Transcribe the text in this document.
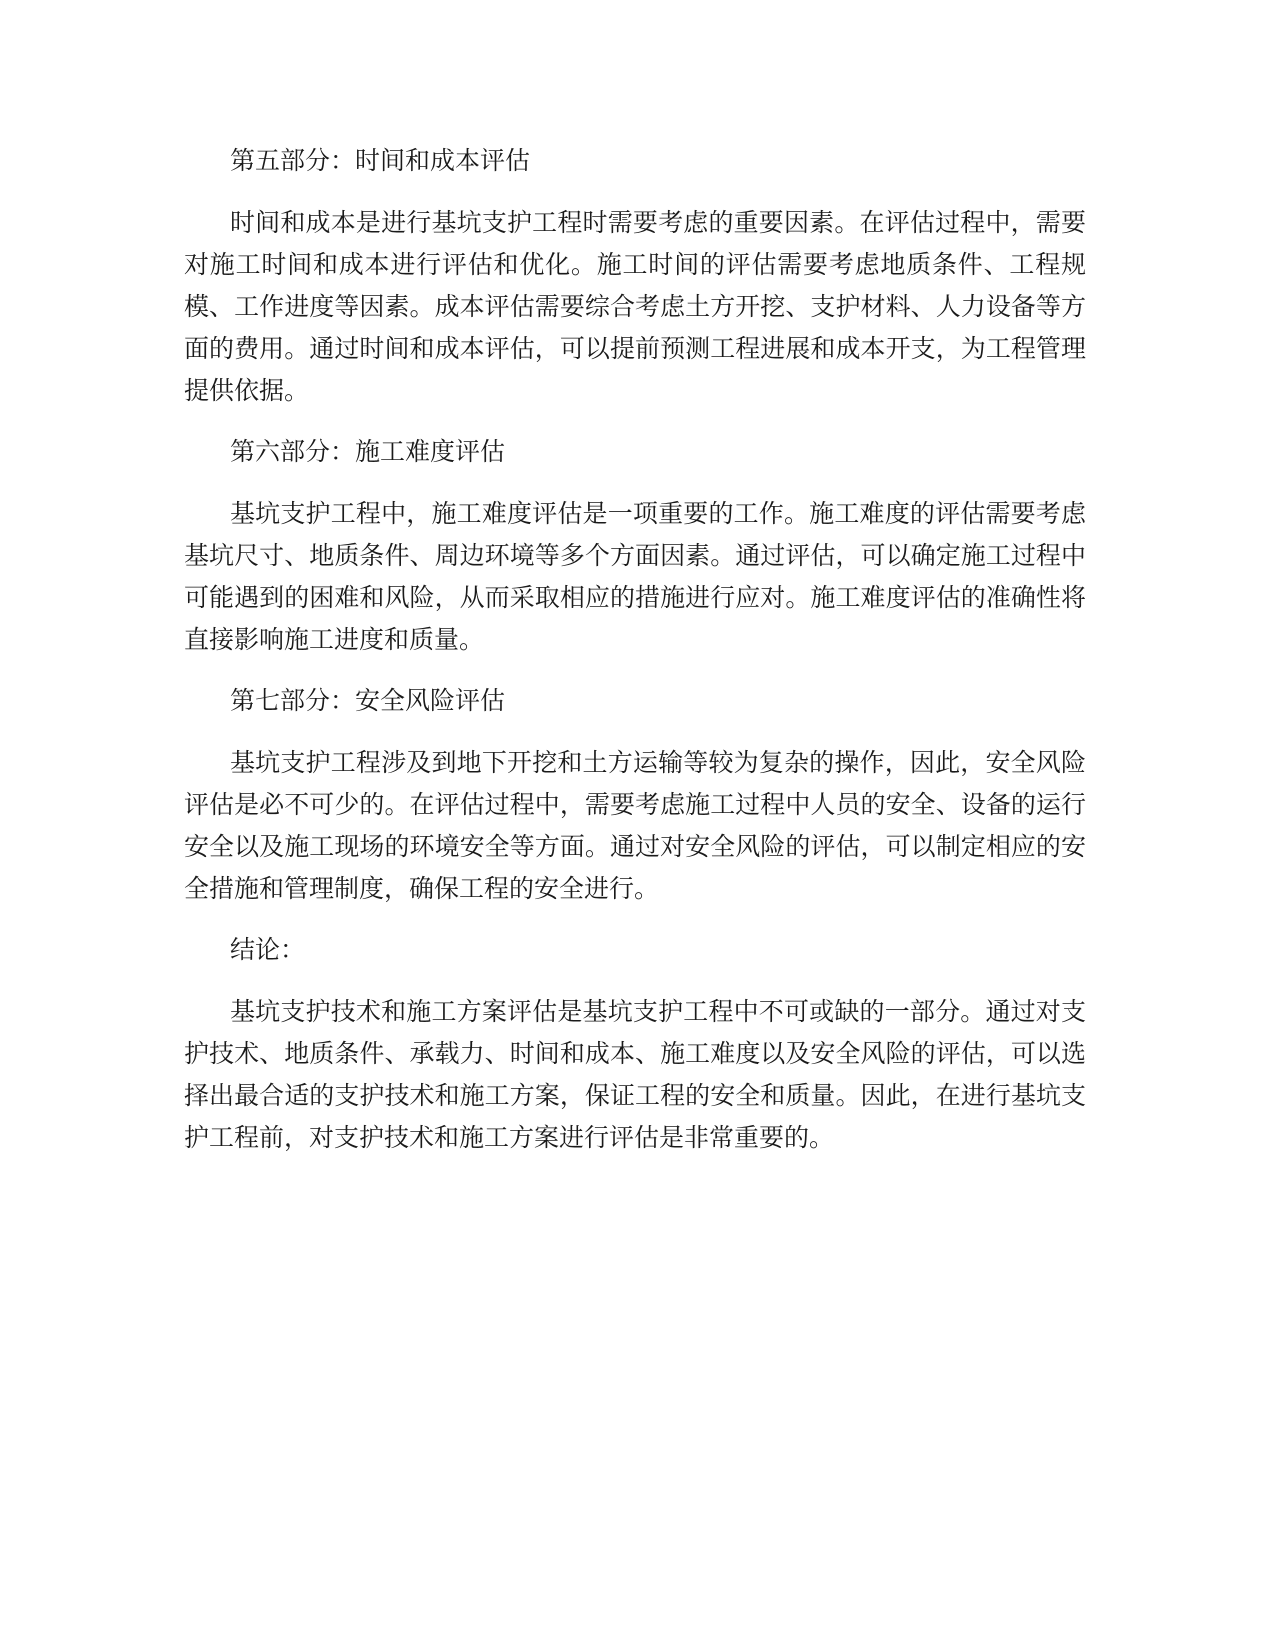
第五部分：时间和成本评估

时间和成本是进行基坑支护工程时需要考虑的重要因素。在评估过程中，需要对施工时间和成本进行评估和优化。施工时间的评估需要考虑地质条件、工程规模、工作进度等因素。成本评估需要综合考虑土方开挖、支护材料、人力设备等方面的费用。通过时间和成本评估，可以提前预测工程进展和成本开支，为工程管理提供依据。

第六部分：施工难度评估

基坑支护工程中，施工难度评估是一项重要的工作。施工难度的评估需要考虑基坑尺寸、地质条件、周边环境等多个方面因素。通过评估，可以确定施工过程中可能遇到的困难和风险，从而采取相应的措施进行应对。施工难度评估的准确性将直接影响施工进度和质量。

第七部分：安全风险评估

基坑支护工程涉及到地下开挖和土方运输等较为复杂的操作，因此，安全风险评估是必不可少的。在评估过程中，需要考虑施工过程中人员的安全、设备的运行安全以及施工现场的环境安全等方面。通过对安全风险的评估，可以制定相应的安全措施和管理制度，确保工程的安全进行。

结论：

基坑支护技术和施工方案评估是基坑支护工程中不可或缺的一部分。通过对支护技术、地质条件、承载力、时间和成本、施工难度以及安全风险的评估，可以选择出最合适的支护技术和施工方案，保证工程的安全和质量。因此，在进行基坑支护工程前，对支护技术和施工方案进行评估是非常重要的。
